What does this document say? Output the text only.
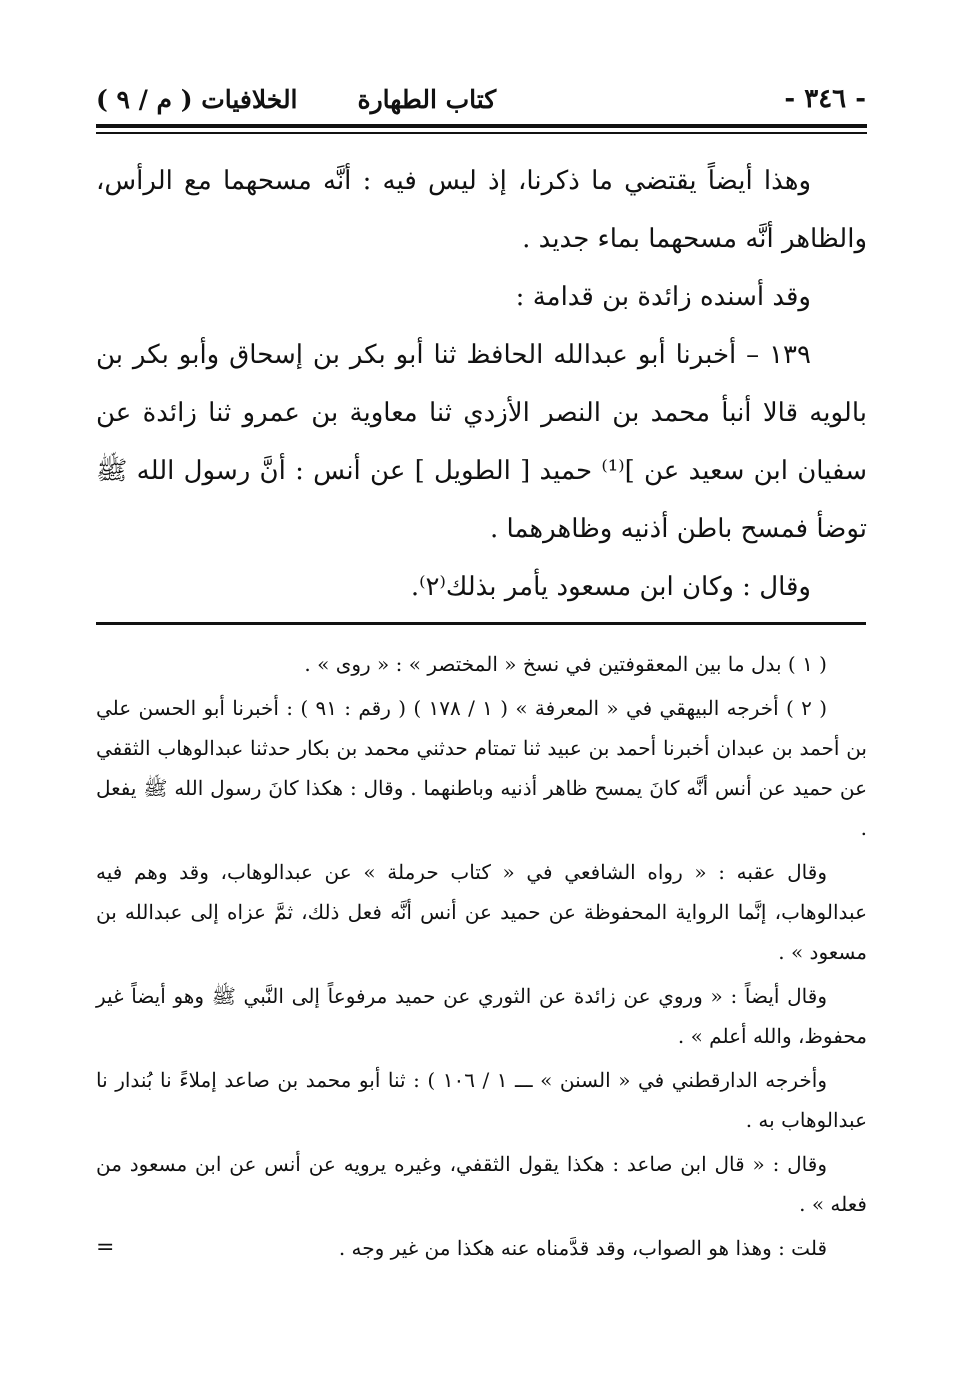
- ٣٤٦ -
كتاب الطهارة
الخلافيات ( م / ٩ )

وهذا أيضاً يقتضي ما ذكرنا، إذ ليس فيه : أنَّه مسحهما مع الرأس، والظاهر أنَّه مسحهما بماء جديد .

وقد أسنده زائدة بن قدامة :

١٣٩ – أخبرنا أبو عبدالله الحافظ ثنا أبو بكر بن إسحاق وأبو بكر بن بالويه قالا أنبأ محمد بن النصر الأزدي ثنا معاوية بن عمرو ثنا زائدة عن سفيان ابن سعيد عن ]⁽¹⁾ حميد [ الطويل ] عن أنس : أنَّ رسول الله ﷺ توضأ فمسح باطن أذنيه وظاهرهما .

وقال : وكان ابن مسعود يأمر بذلك⁽٢⁾.

( ١ ) بدل ما بين المعقوفتين في نسخ « المختصر » : « روى » .

( ٢ ) أخرجه البيهقي في « المعرفة » ( ١ / ١٧٨ ) ( رقم : ٩١ ) : أخبرنا أبو الحسن علي بن أحمد بن عبدان أخبرنا أحمد بن عبيد ثنا تمتام حدثني محمد بن بكار حدثنا عبدالوهاب الثقفي عن حميد عن أنس أنَّه كانَ يمسح ظاهر أذنيه وباطنهما . وقال : هكذا كانَ رسول الله ﷺ يفعل .

وقال عقبه : « رواه الشافعي في « كتاب حرملة » عن عبدالوهاب، وقد وهم فيه عبدالوهاب، إنَّما الرواية المحفوظة عن حميد عن أنس أنَّه فعل ذلك، ثمَّ عزاه إلى عبدالله بن مسعود » .

وقال أيضاً : « وروي عن زائدة عن الثوري عن حميد مرفوعاً إلى النَّبي ﷺ وهو أيضاً غير محفوظ، والله أعلم » .

وأخرجه الدارقطني في « السنن » ـــ ١ / ١٠٦ ) : ثنا أبو محمد بن صاعد إملاءً نا بُندار نا عبدالوهاب به .

وقال : « قال ابن صاعد : هكذا يقول الثقفي، وغيره يرويه عن أنس عن ابن مسعود من فعله » .

قلت : وهذا هو الصواب، وقد قدَّمناه عنه هكذا من غير وجه .
=
